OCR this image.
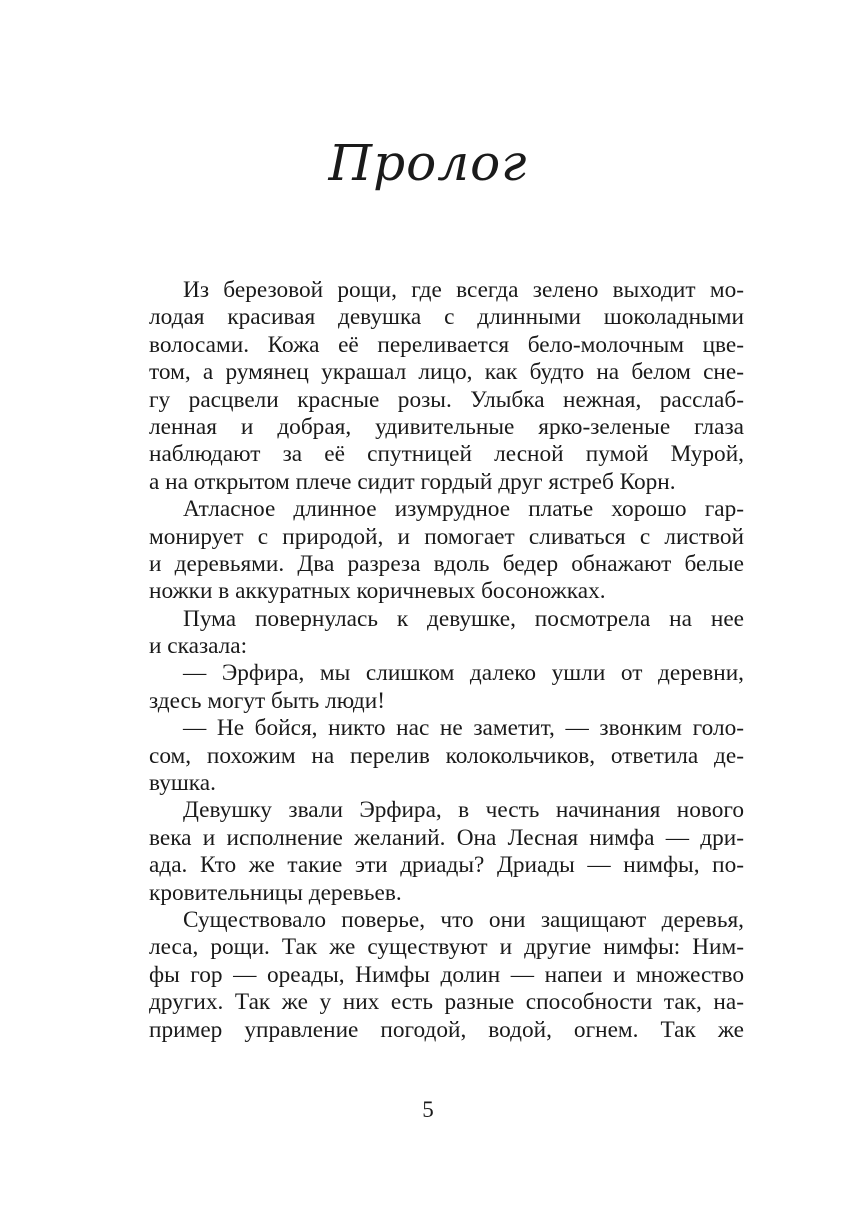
Пролог
Из березовой рощи, где всегда зелено выходит мо-
лодая красивая девушка с длинными шоколадными
волосами. Кожа её переливается бело-молочным цве-
том, а румянец украшал лицо, как будто на белом сне-
гу расцвели красные розы. Улыбка нежная, расслаб-
ленная и добрая, удивительные ярко-зеленые глаза
наблюдают за её спутницей лесной пумой Мурой,
а на открытом плече сидит гордый друг ястреб Корн.
Атласное длинное изумрудное платье хорошо гар-
монирует с природой, и помогает сливаться с листвой
и деревьями. Два разреза вдоль бедер обнажают белые
ножки в аккуратных коричневых босоножках.
Пума повернулась к девушке, посмотрела на нее
и сказала:
— Эрфира, мы слишком далеко ушли от деревни,
здесь могут быть люди!
— Не бойся, никто нас не заметит, — звонким голо-
сом, похожим на перелив колокольчиков, ответила де-
вушка.
Девушку звали Эрфира, в честь начинания нового
века и исполнение желаний. Она Лесная нимфа — дри-
ада. Кто же такие эти дриады? Дриады — нимфы, по-
кровительницы деревьев.
Существовало поверье, что они защищают деревья,
леса, рощи. Так же существуют и другие нимфы: Ним-
фы гор — ореады, Нимфы долин — напеи и множество
других. Так же у них есть разные способности так, на-
пример управление погодой, водой, огнем. Так же
5
